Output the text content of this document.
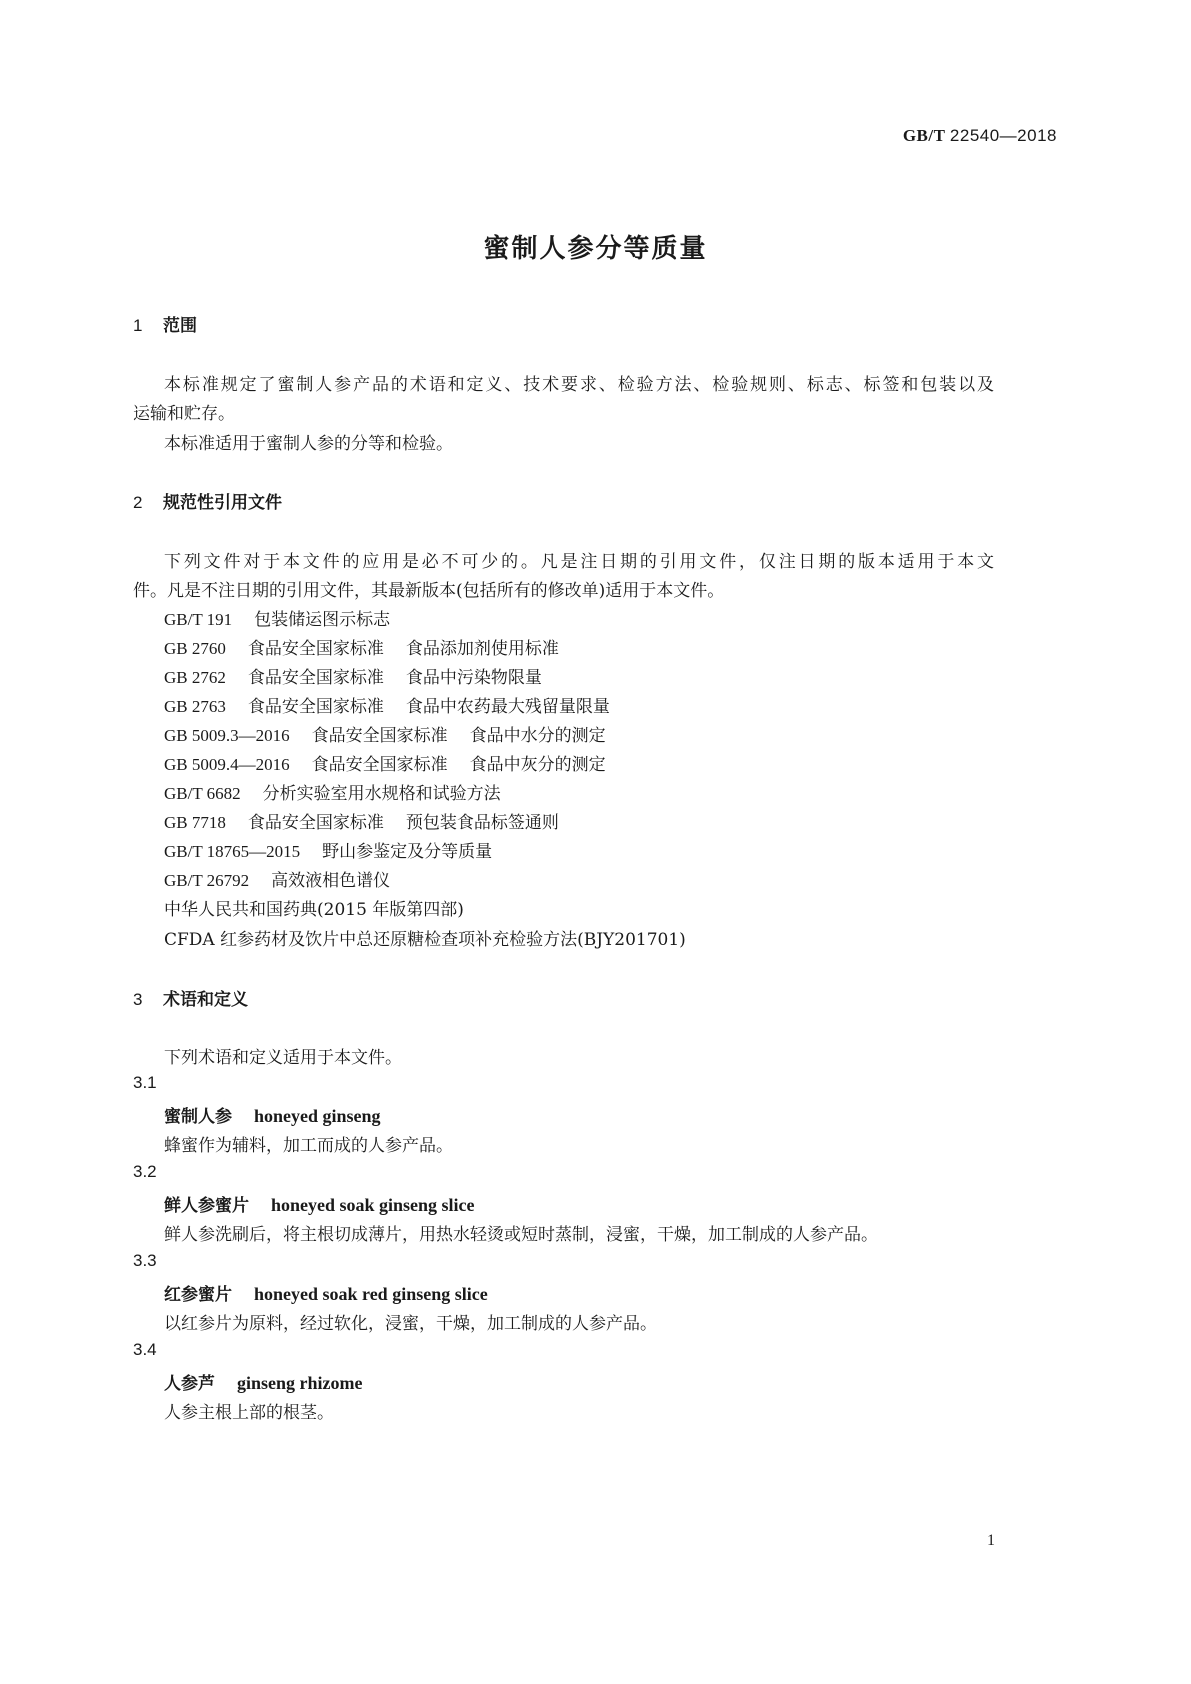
GB/T 22540—2018
蜜制人参分等质量
1 范围
本标准规定了蜜制人参产品的术语和定义、技术要求、检验方法、检验规则、标志、标签和包装以及
运输和贮存。
本标准适用于蜜制人参的分等和检验。
2 规范性引用文件
下列文件对于本文件的应用是必不可少的。凡是注日期的引用文件，仅注日期的版本适用于本文
件。凡是不注日期的引用文件，其最新版本(包括所有的修改单)适用于本文件。
GB/T 191 包装储运图示标志
GB 2760 食品安全国家标准 食品添加剂使用标准
GB 2762 食品安全国家标准 食品中污染物限量
GB 2763 食品安全国家标准 食品中农药最大残留量限量
GB 5009.3—2016 食品安全国家标准 食品中水分的测定
GB 5009.4—2016 食品安全国家标准 食品中灰分的测定
GB/T 6682 分析实验室用水规格和试验方法
GB 7718 食品安全国家标准 预包装食品标签通则
GB/T 18765—2015 野山参鉴定及分等质量
GB/T 26792 高效液相色谱仪
中华人民共和国药典(2015 年版第四部)
CFDA 红参药材及饮片中总还原糖检查项补充检验方法(BJY201701)
3 术语和定义
下列术语和定义适用于本文件。
3.1
蜜制人参 honeyed ginseng
蜂蜜作为辅料，加工而成的人参产品。
3.2
鲜人参蜜片 honeyed soak ginseng slice
鲜人参洗刷后，将主根切成薄片，用热水轻烫或短时蒸制，浸蜜，干燥，加工制成的人参产品。
3.3
红参蜜片 honeyed soak red ginseng slice
以红参片为原料，经过软化，浸蜜，干燥，加工制成的人参产品。
3.4
人参芦 ginseng rhizome
人参主根上部的根茎。
1
